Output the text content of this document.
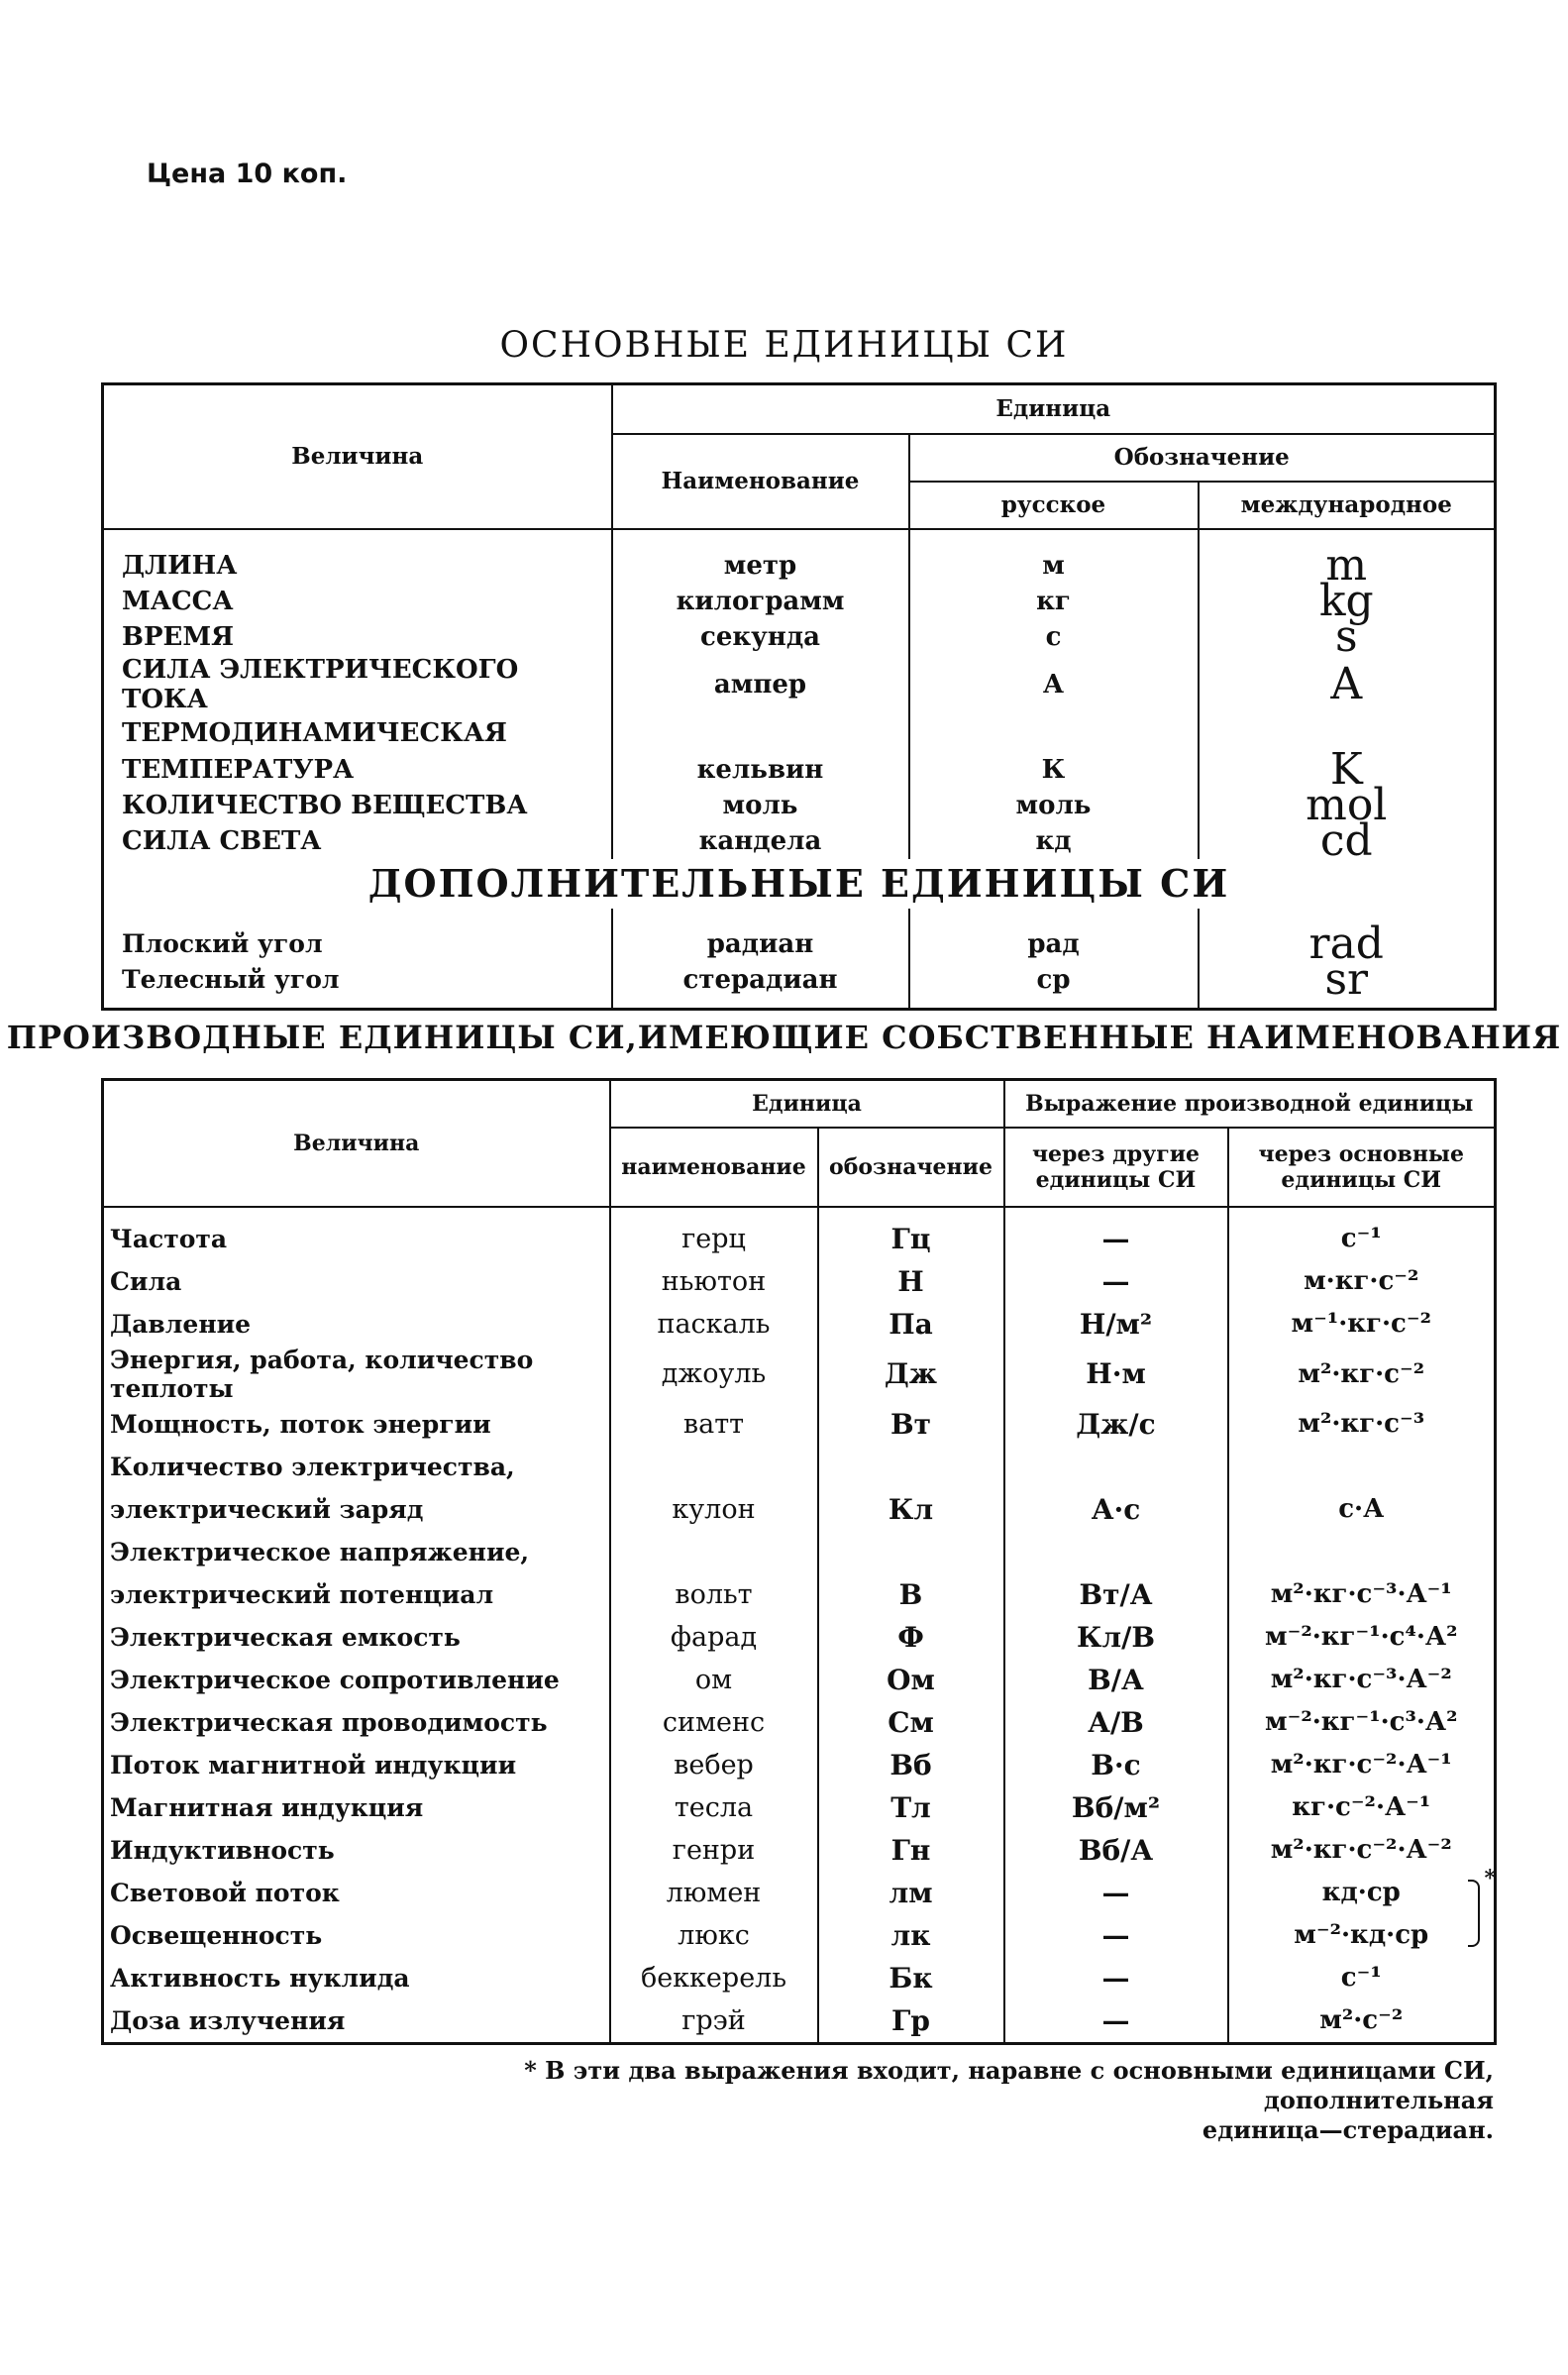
Цена 10 коп.
ОСНОВНЫЕ ЕДИНИЦЫ СИ
Величина	Единица		
	Наименование	Обозначение	
		русское	международное
ДЛИНА	метр	м	m
МАССА	килограмм	кг	kg
ВРЕМЯ	секунда	с	s
СИЛА ЭЛЕКТРИЧЕСКОГО ТОКА	ампер	А	A
ТЕРМОДИНАМИЧЕСКАЯ			
ТЕМПЕРАТУРА	кельвин	К	K
КОЛИЧЕСТВО ВЕЩЕСТВА	моль	моль	mol
СИЛА СВЕТА	кандела	кд	cd
ДОПОЛНИТЕЛЬНЫЕ ЕДИНИЦЫ СИ			
Плоский угол	радиан	рад	rad
Телесный угол	стерадиан	ср	sr
ПРОИЗВОДНЫЕ ЕДИНИЦЫ СИ,ИМЕЮЩИЕ СОБСТВЕННЫЕ НАИМЕНОВАНИЯ
Величина	Единица		Выражение производной единицы	
	наименование	обозначение	через другие единицы СИ	через основные единицы СИ
Частота	герц	Гц	—	с⁻¹
Сила	ньютон	Н	—	м·кг·с⁻²
Давление	паскаль	Па	Н/м²	м⁻¹·кг·с⁻²
Энергия, работа, количество теплоты	джоуль	Дж	Н·м	м²·кг·с⁻²
Мощность, поток энергии	ватт	Вт	Дж/с	м²·кг·с⁻³
Количество электричества,				
электрический заряд	кулон	Кл	А·с	с·А
Электрическое напряжение,				
электрический потенциал	вольт	В	Вт/А	м²·кг·с⁻³·А⁻¹
Электрическая емкость	фарад	Ф	Кл/В	м⁻²·кг⁻¹·с⁴·А²
Электрическое сопротивление	ом	Ом	В/А	м²·кг·с⁻³·А⁻²
Электрическая проводимость	сименс	См	А/В	м⁻²·кг⁻¹·с³·А²
Поток магнитной индукции	вебер	Вб	В·с	м²·кг·с⁻²·А⁻¹
Магнитная индукция	тесла	Тл	Вб/м²	кг·с⁻²·А⁻¹
Индуктивность	генри	Гн	Вб/А	м²·кг·с⁻²·А⁻²
Световой поток	люмен	лм	—	кд·ср *

Освещенность	люкс	лк	—	м⁻²·кд·ср
Активность нуклида	беккерель	Бк	—	с⁻¹
Доза излучения	грэй	Гр	—	м²·с⁻²
* В эти два выражения входит, наравне с основными единицами СИ, дополнительная
единица—стерадиан.
